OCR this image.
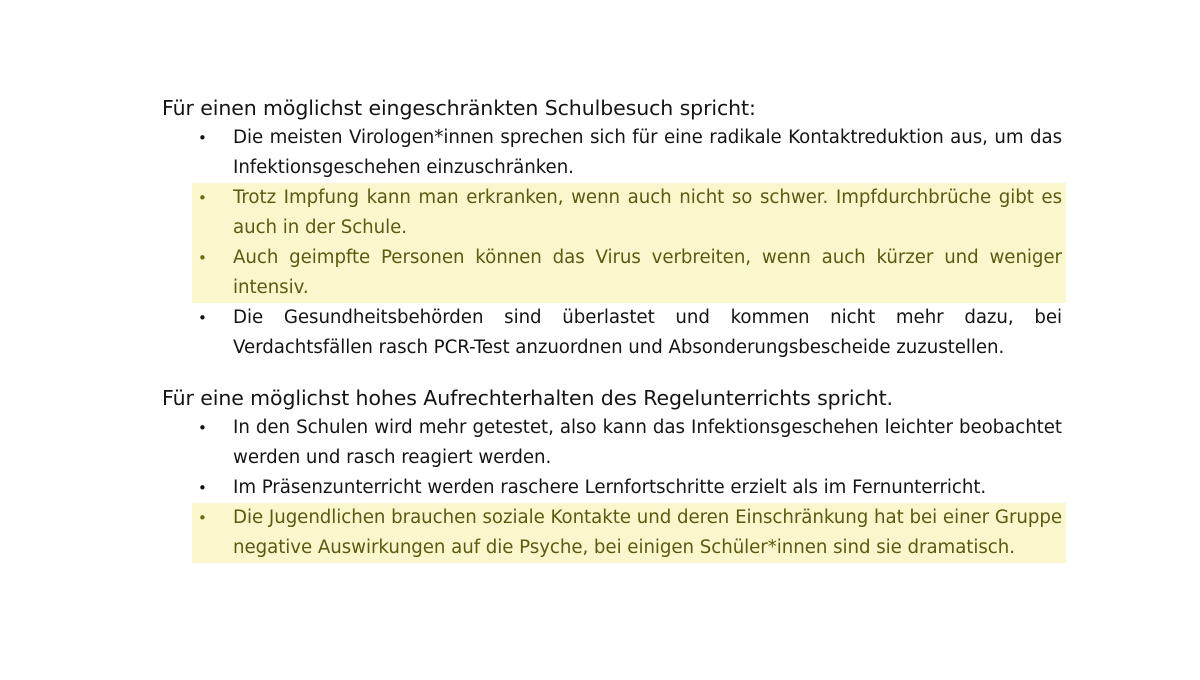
Für einen möglichst eingeschränkten Schulbesuch spricht:

• Die meisten Virologen*innen sprechen sich für eine radikale Kontaktreduktion aus, um das Infektionsgeschehen einzuschränken.
• Trotz Impfung kann man erkranken, wenn auch nicht so schwer. Impfdurchbrüche gibt es auch in der Schule.
• Auch geimpfte Personen können das Virus verbreiten, wenn auch kürzer und weniger intensiv.
• Die Gesundheitsbehörden sind überlastet und kommen nicht mehr dazu, bei Verdachtsfällen rasch PCR-Test anzuordnen und Absonderungsbescheide zuzustellen.

Für eine möglichst hohes Aufrechterhalten des Regelunterrichts spricht.

• In den Schulen wird mehr getestet, also kann das Infektionsgeschehen leichter beobachtet werden und rasch reagiert werden.
• Im Präsenzunterricht werden raschere Lernfortschritte erzielt als im Fernunterricht.
• Die Jugendlichen brauchen soziale Kontakte und deren Einschränkung hat bei einer Gruppe negative Auswirkungen auf die Psyche, bei einigen Schüler*innen sind sie dramatisch.
